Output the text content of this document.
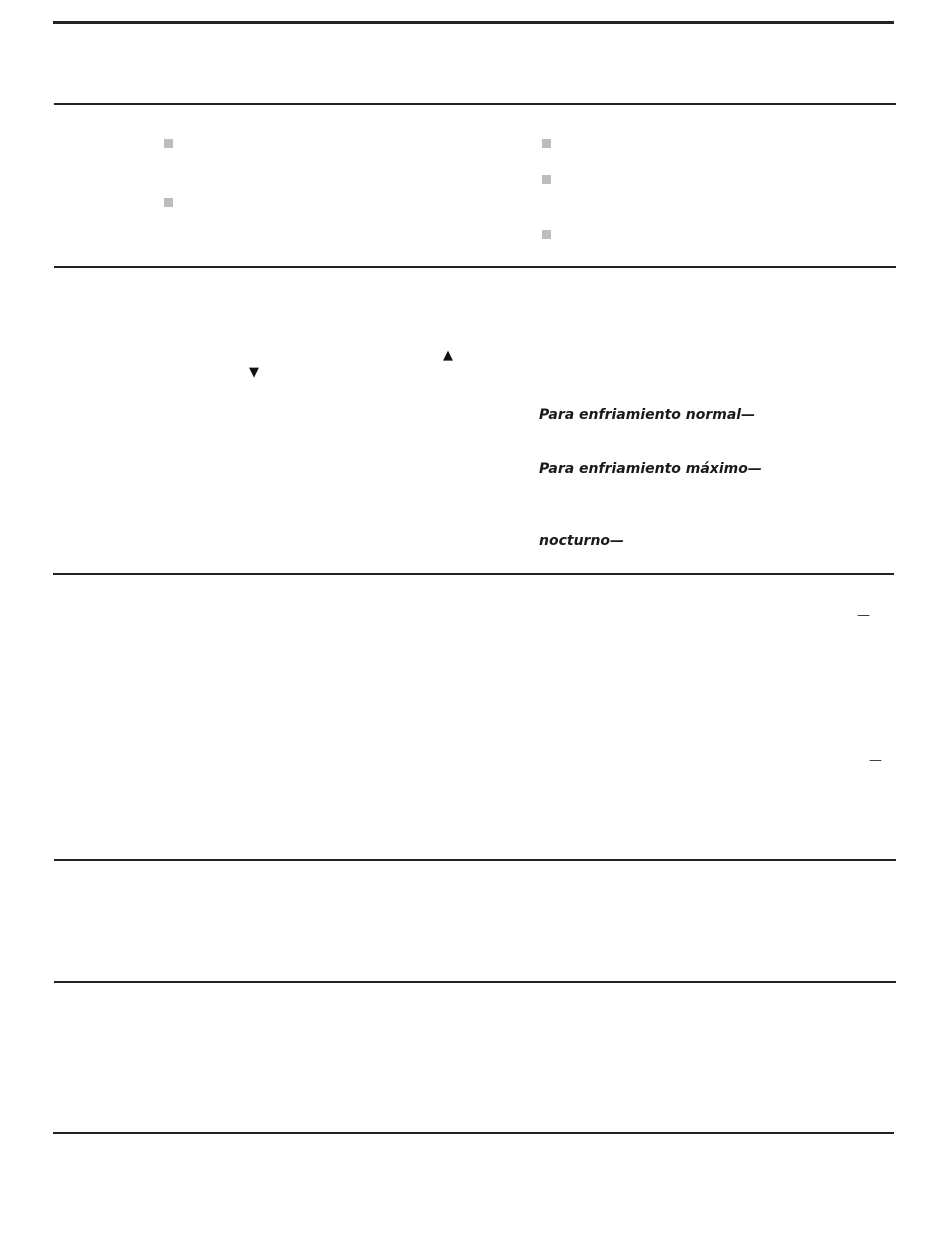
▲
▼
Para enfriamiento normal—
Para enfriamiento máximo—
nocturno—
—
—
